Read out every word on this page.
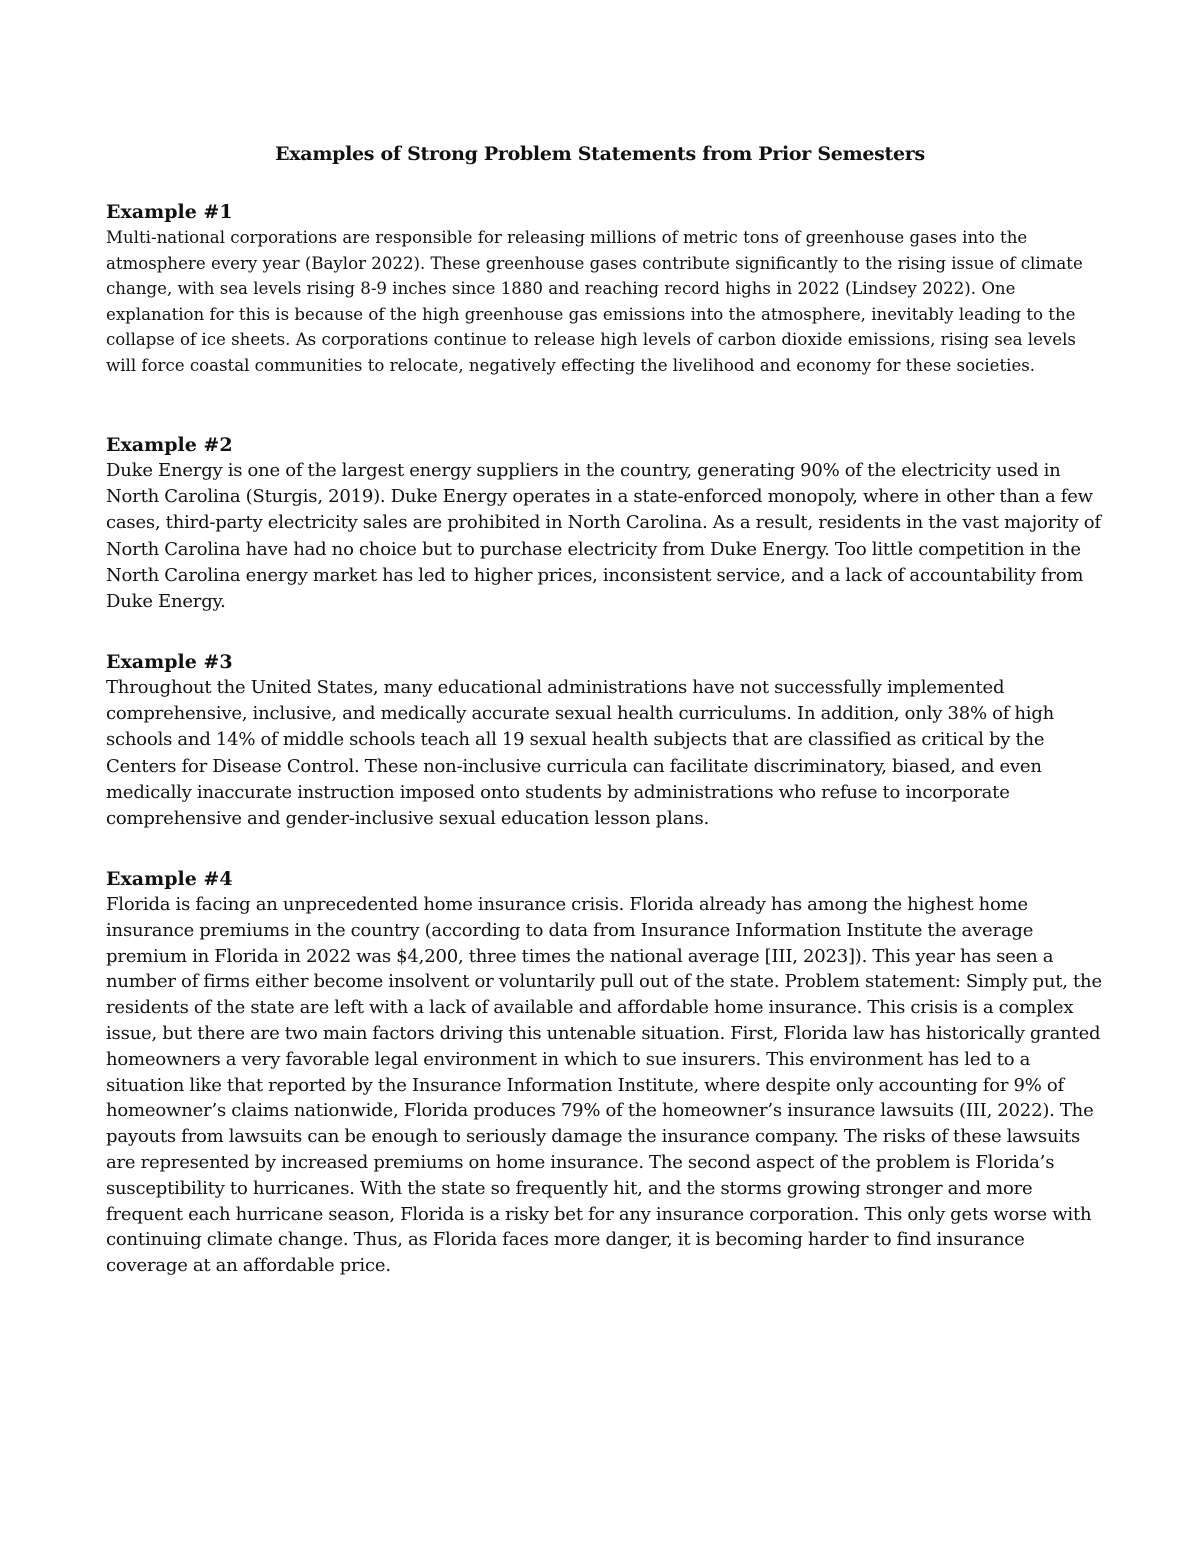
Examples of Strong Problem Statements from Prior Semesters
Example #1

Multi-national corporations are responsible for releasing millions of metric tons of greenhouse gases into the atmosphere every year (Baylor 2022). These greenhouse gases contribute significantly to the rising issue of climate change, with sea levels rising 8-9 inches since 1880 and reaching record highs in 2022 (Lindsey 2022). One explanation for this is because of the high greenhouse gas emissions into the atmosphere, inevitably leading to the collapse of ice sheets. As corporations continue to release high levels of carbon dioxide emissions, rising sea levels will force coastal communities to relocate, negatively effecting the livelihood and economy for these societies.

Example #2

Duke Energy is one of the largest energy suppliers in the country, generating 90% of the electricity used in North Carolina (Sturgis, 2019). Duke Energy operates in a state-enforced monopoly, where in other than a few cases, third-party electricity sales are prohibited in North Carolina. As a result, residents in the vast majority of North Carolina have had no choice but to purchase electricity from Duke Energy. Too little competition in the North Carolina energy market has led to higher prices, inconsistent service, and a lack of accountability from Duke Energy.

Example #3

Throughout the United States, many educational administrations have not successfully implemented comprehensive, inclusive, and medically accurate sexual health curriculums. In addition, only 38% of high schools and 14% of middle schools teach all 19 sexual health subjects that are classified as critical by the Centers for Disease Control. These non-inclusive curricula can facilitate discriminatory, biased, and even medically inaccurate instruction imposed onto students by administrations who refuse to incorporate comprehensive and gender-inclusive sexual education lesson plans.

Example #4

Florida is facing an unprecedented home insurance crisis. Florida already has among the highest home insurance premiums in the country (according to data from Insurance Information Institute the average premium in Florida in 2022 was $4,200, three times the national average [III, 2023]). This year has seen a number of firms either become insolvent or voluntarily pull out of the state. Problem statement: Simply put, the residents of the state are left with a lack of available and affordable home insurance. This crisis is a complex issue, but there are two main factors driving this untenable situation. First, Florida law has historically granted homeowners a very favorable legal environment in which to sue insurers. This environment has led to a situation like that reported by the Insurance Information Institute, where despite only accounting for 9% of homeowner’s claims nationwide, Florida produces 79% of the homeowner’s insurance lawsuits (III, 2022). The payouts from lawsuits can be enough to seriously damage the insurance company. The risks of these lawsuits are represented by increased premiums on home insurance. The second aspect of the problem is Florida’s susceptibility to hurricanes. With the state so frequently hit, and the storms growing stronger and more frequent each hurricane season, Florida is a risky bet for any insurance corporation. This only gets worse with continuing climate change. Thus, as Florida faces more danger, it is becoming harder to find insurance coverage at an affordable price.
